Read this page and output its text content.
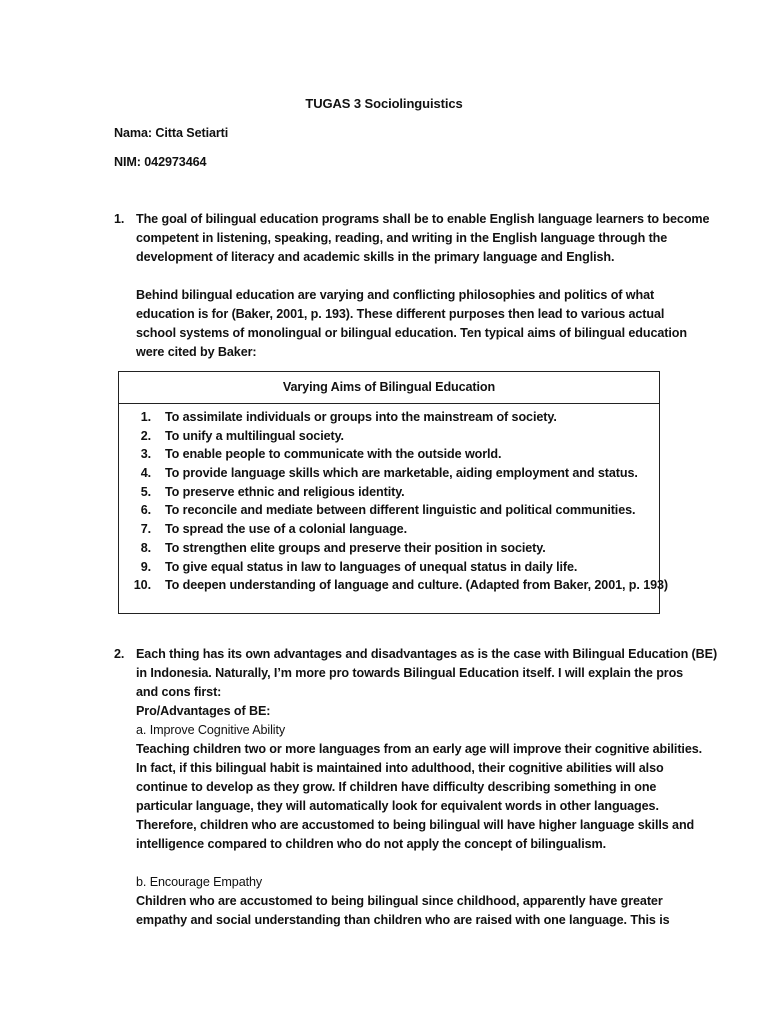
TUGAS 3 Sociolinguistics
Nama: Citta Setiarti
NIM: 042973464
1. The goal of bilingual education programs shall be to enable English language learners to become
competent in listening, speaking, reading, and writing in the English language through the
development of literacy and academic skills in the primary language and English.

Behind bilingual education are varying and conflicting philosophies and politics of what
education is for (Baker, 2001, p. 193). These different purposes then lead to various actual
school systems of monolingual or bilingual education. Ten typical aims of bilingual education
were cited by Baker:

Varying Aims of Bilingual Education
1. To assimilate individuals or groups into the mainstream of society.
2. To unify a multilingual society.
3. To enable people to communicate with the outside world.
4. To provide language skills which are marketable, aiding employment and status.
5. To preserve ethnic and religious identity.
6. To reconcile and mediate between different linguistic and political communities.
7. To spread the use of a colonial language.
8. To strengthen elite groups and preserve their position in society.
9. To give equal status in law to languages of unequal status in daily life.
10. To deepen understanding of language and culture. (Adapted from Baker, 2001, p. 193)
2. Each thing has its own advantages and disadvantages as is the case with Bilingual Education (BE)
in Indonesia. Naturally, I’m more pro towards Bilingual Education itself. I will explain the pros
and cons first:
Pro/Advantages of BE:
a. Improve Cognitive Ability
Teaching children two or more languages from an early age will improve their cognitive abilities.
In fact, if this bilingual habit is maintained into adulthood, their cognitive abilities will also
continue to develop as they grow. If children have difficulty describing something in one
particular language, they will automatically look for equivalent words in other languages.
Therefore, children who are accustomed to being bilingual will have higher language skills and
intelligence compared to children who do not apply the concept of bilingualism.

b. Encourage Empathy
Children who are accustomed to being bilingual since childhood, apparently have greater
empathy and social understanding than children who are raised with one language. This is
